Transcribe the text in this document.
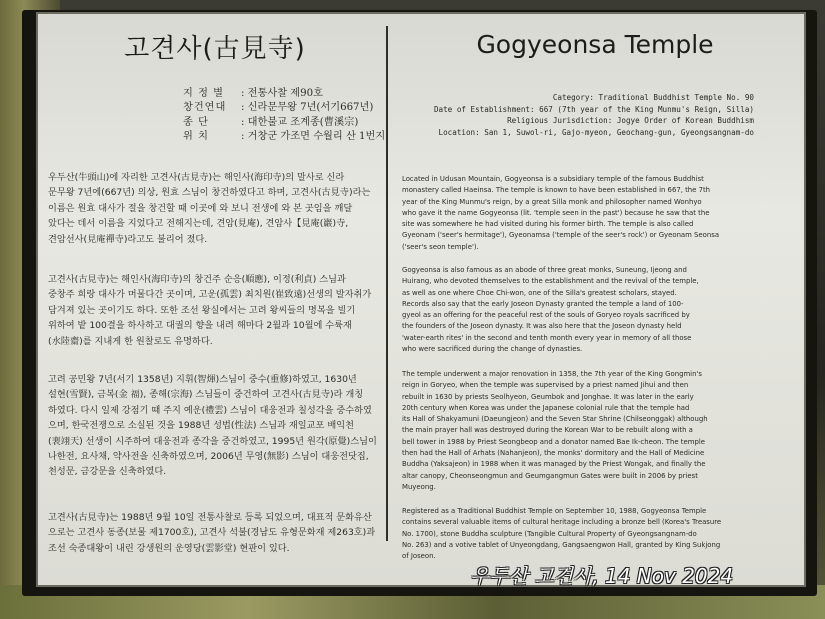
고견사(古見寺)	Gogyeonsa Temple
지 정 별 : 전통사찰 제90호
창건연대 : 신라문무왕 7년(서기667년)
종 단	: 대한불교 조계종(曹溪宗)
위 치	: 거창군 가조면 수월리 산 1번지
Category: Traditional Buddhist Temple No. 90
Date of Establishment: 667 (7th year of the King Munmu's Reign, Silla)
Religious Jurisdiction: Jogye Order of Korean Buddhism
Location: San 1, Suwol-ri, Gajo-myeon, Geochang-gun, Gyeongsangnam-do
우두산(牛頭山)에 자리한 고견사(古見寺)는 해인사(海印寺)의 말사로 신라
문무왕 7년에(667년) 의상, 원효 스님이 창건하였다고 하며, 고견사(古見寺)라는
이름은 원효 대사가 절을 창건할 때 이곳에 와 보니 전생에 와 본 곳임을 깨달
았다는 데서 이름을 지었다고 전해지는데, 견암(見庵), 견암사【見庵(巖)寺,
견암선사(見庵禪寺)라고도 불리어 졌다.
고견사(古見寺)는 해인사(海印寺)의 창건주 순응(順應), 이정(利貞) 스님과
중창주 희랑 대사가 머물다간 곳이며, 고운(孤雲) 최치원(崔致遠)선생의 발자취가
담겨져 있는 곳이기도 하다. 또한 조선 왕실에서는 고려 왕씨들의 명복을 빌기
위하여 밭 100결을 하사하고 대궐의 향을 내려 해마다 2월과 10월에 수륙재
(水陸齋)를 지내게 한 원찰로도 유명하다.
고려 공민왕 7년(서기 1358년) 지휘(智煇)스님이 중수(重修)하였고, 1630년
설현(雪賢), 금복(金 福), 종해(宗海) 스님들이 중건하여 고견사(古見寺)라 개칭
하였다. 다시 일제 강점기 때 주지 예운(禮雲) 스님이 대웅전과 칠성각을 중수하였
으며, 한국전쟁으로 소실된 것을 1988년 성법(性法) 스님과 재일교포 배익천
(裵翊天) 선생이 시주하여 대웅전과 종각을 중건하였고, 1995년 원각(原覺)스님이
나한전, 요사채, 약사전을 신축하였으며, 2006년 무영(無影) 스님이 대웅전닷집,
천성문, 금강문을 신축하였다.
고견사(古見寺)는 1988년 9월 10일 전통사찰로 등록 되었으며, 대표적 문화유산
으로는 고견사 동종(보물 제1700호), 고견사 석불(경남도 유형문화재 제263호)과
조선 숙종대왕이 내린 강생원의 운영당(雲影堂) 현판이 있다.
Located in Udusan Mountain, Gogyeonsa is a subsidiary temple of the famous Buddhist
monastery called Haeinsa. The temple is known to have been established in 667, the 7th
year of the King Munmu's reign, by a great Silla monk and philosopher named Wonhyo
who gave it the name Gogyeonsa (lit. 'temple seen in the past') because he saw that the
site was somewhere he had visited during his former birth. The temple is also called
Gyeonam ('seer's hermitage'), Gyeonamsa ('temple of the seer's rock') or Gyeonam Seonsa
('seer's seon temple').
Gogyeonsa is also famous as an abode of three great monks, Suneung, Ijeong and
Huirang, who devoted themselves to the establishment and the revival of the temple,
as well as one where Choe Chi-won, one of the Silla's greatest scholars, stayed.
Records also say that the early Joseon Dynasty granted the temple a land of 100-
gyeol as an offering for the peaceful rest of the souls of Goryeo royals sacrificed by
the founders of the Joseon dynasty. It was also here that the Joseon dynasty held
'water-earth rites' in the second and tenth month every year in memory of all those
who were sacrificed during the change of dynasties.
The temple underwent a major renovation in 1358, the 7th year of the King Gongmin's
reign in Goryeo, when the temple was supervised by a priest named Jihui and then
rebuilt in 1630 by priests Seolhyeon, Geumbok and Jonghae. It was later in the early
20th century when Korea was under the Japanese colonial rule that the temple had
its Hall of Shakyamuni (Daeungjeon) and the Seven Star Shrine (Chilseonggak) although
the main prayer hall was destroyed during the Korean War to be rebuilt along with a
bell tower in 1988 by Priest Seongbeop and a donator named Bae Ik-cheon. The temple
then had the Hall of Arhats (Nahanjeon), the monks' dormitory and the Hall of Medicine
Buddha (Yaksajeon) in 1988 when it was managed by the Priest Wongak, and finally the
altar canopy, Cheonseongmun and Geumgangmun Gates were built in 2006 by priest
Muyeong.
Registered as a Traditional Buddhist Temple on September 10, 1988, Gogyeonsa Temple
contains several valuable items of cultural heritage including a bronze bell (Korea's Treasure
No. 1700), stone Buddha sculpture (Tangible Cultural Property of Gyeongsangnam-do
No. 263) and a votive tablet of Unyeongdang, Gangsaengwon Hall, granted by King Sukjong
of Joseon.
우두산 고견사, 14 Nov 2024
